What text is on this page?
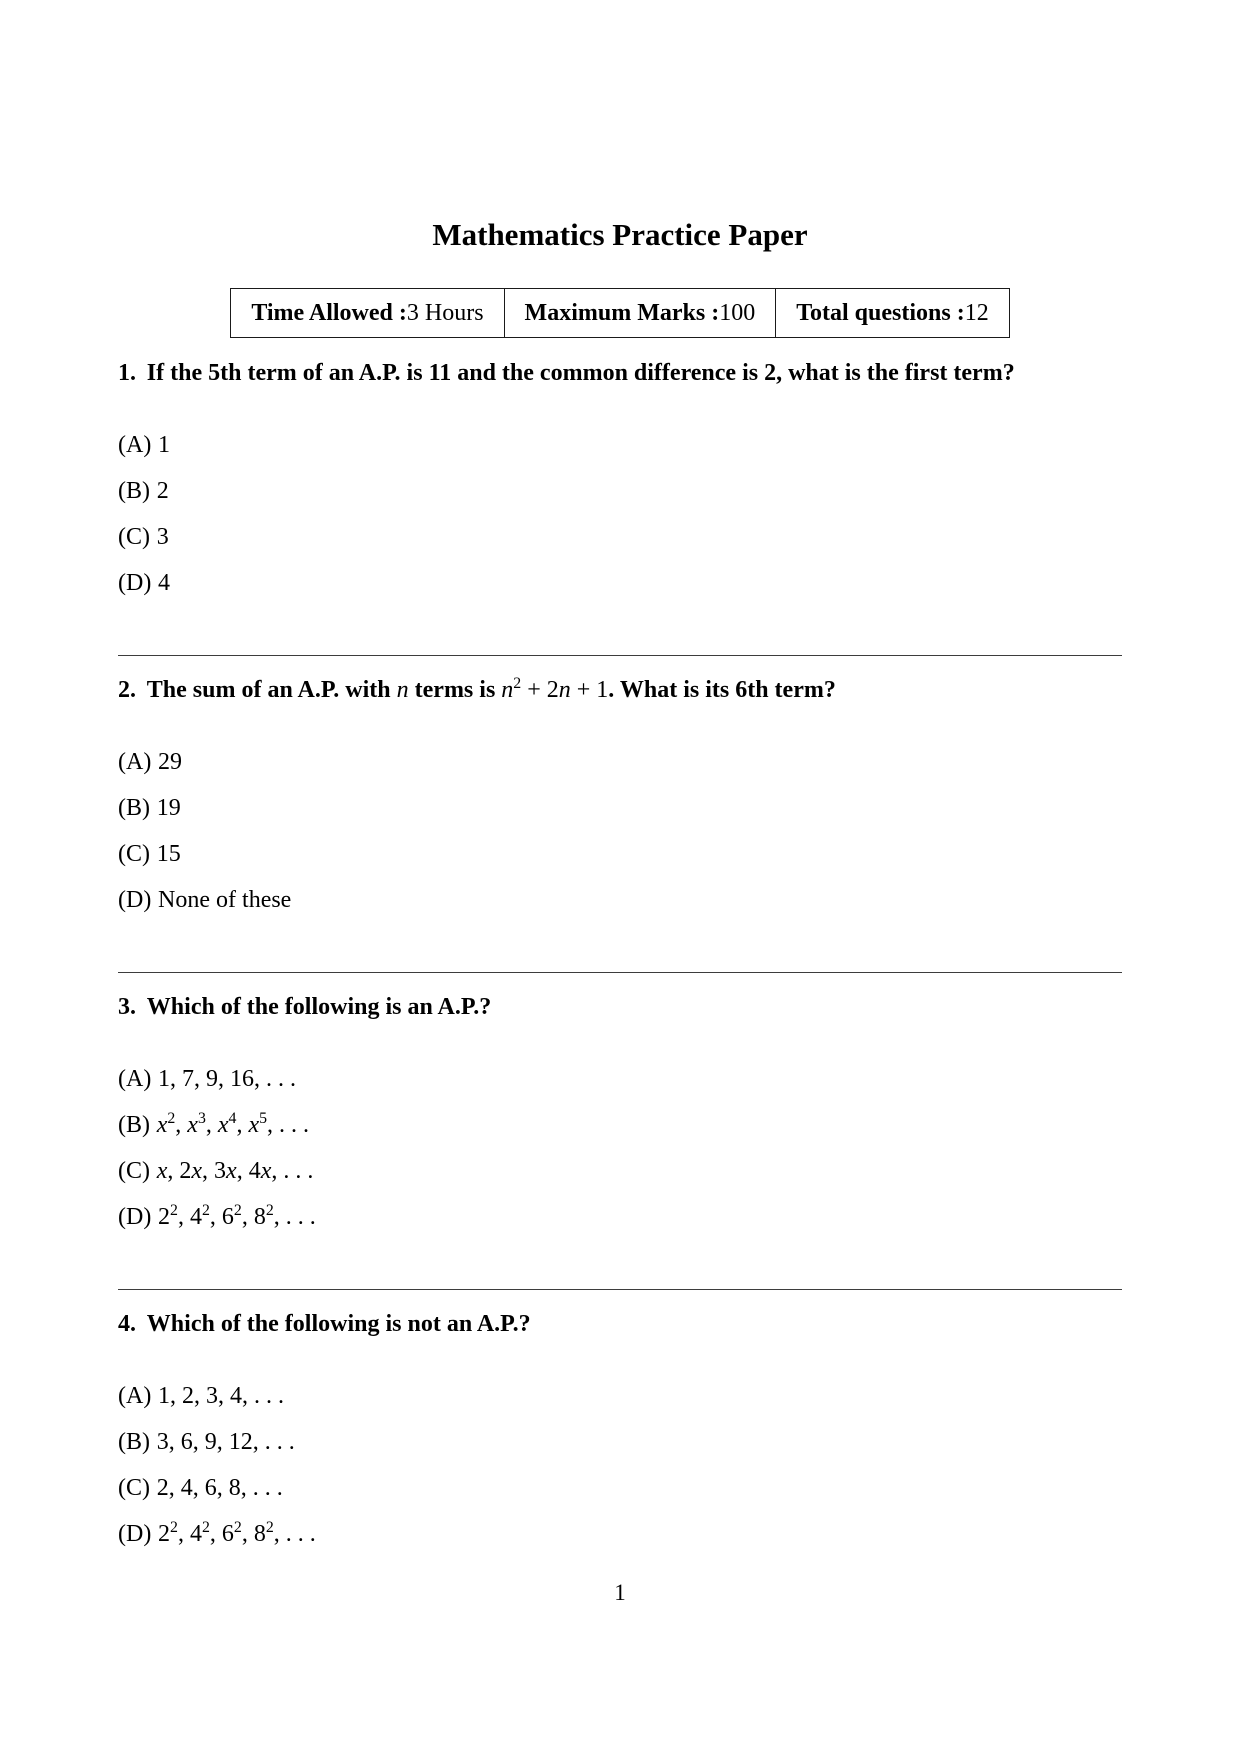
Mathematics Practice Paper
Time Allowed :3 Hours	Maximum Marks :100	Total questions :12
1. If the 5th term of an A.P. is 11 and the common difference is 2, what is the first term?
(A) 1
(B) 2
(C) 3
(D) 4
2. The sum of an A.P. with n terms is $n^2 + 2n + 1$. What is its 6th term?
(A) 29
(B) 19
(C) 15
(D) None of these
3. Which of the following is an A.P.?
(A) 1, 7, 9, 16, . . .
(B) $x^2$, $x^3$, $x^4$, $x^5$, . . .
(C) x, 2x, 3x, 4x, . . .
(D) $2^2$, $4^2$, $6^2$, $8^2$, . . .
4. Which of the following is not an A.P.?
(A) 1, 2, 3, 4, . . .
(B) 3, 6, 9, 12, . . .
(C) 2, 4, 6, 8, . . .
(D) $2^2$, $4^2$, $6^2$, $8^2$, . . .
1
